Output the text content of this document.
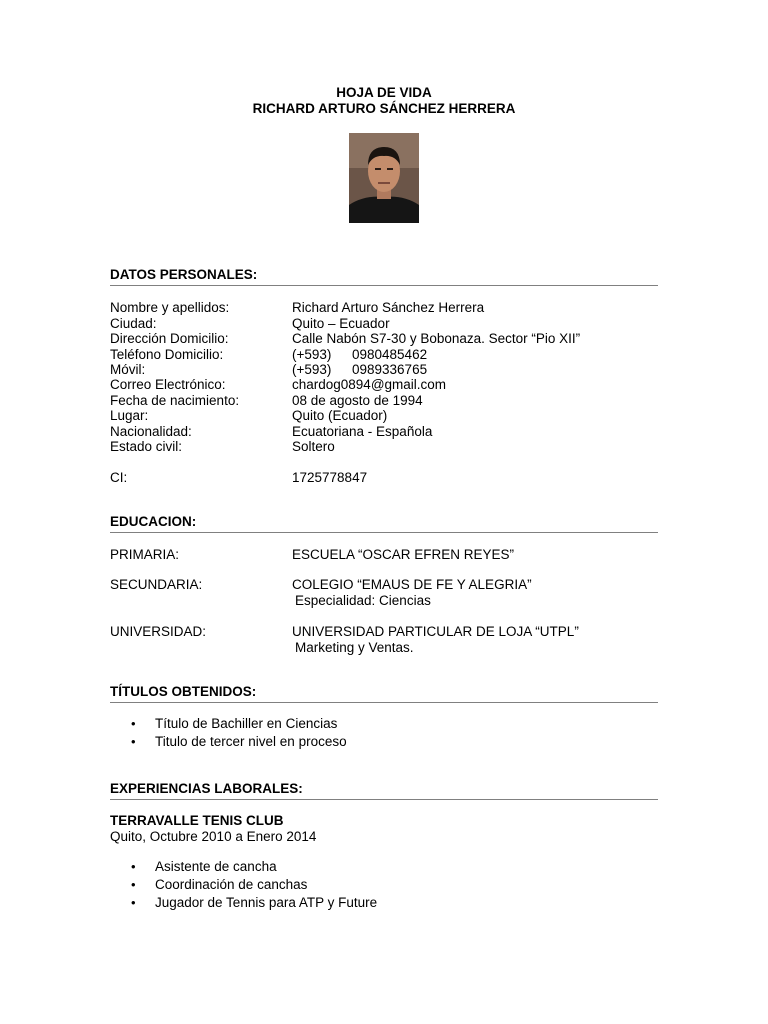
HOJA DE VIDA
RICHARD ARTURO SÁNCHEZ HERRERA
DATOS PERSONALES:
Nombre y apellidos:	Richard Arturo Sánchez Herrera
Ciudad:	Quito – Ecuador
Dirección Domicilio:	Calle Nabón S7-30 y Bobonaza. Sector “Pio XII”
Teléfono Domicilio:	(+593) 0980485462
Móvil:	(+593) 0989336765
Correo Electrónico:	chardog0894@gmail.com
Fecha de nacimiento:	08 de agosto de 1994
Lugar:	Quito (Ecuador)
Nacionalidad:	Ecuatoriana - Española
Estado civil:	Soltero
CI:	1725778847
EDUCACION:
PRIMARIA:	ESCUELA “OSCAR EFREN REYES”
SECUNDARIA:	COLEGIO “EMAUS DE FE Y ALEGRIA”
Especialidad: Ciencias
UNIVERSIDAD:	UNIVERSIDAD PARTICULAR DE LOJA “UTPL”
Marketing y Ventas.
TÍTULOS OBTENIDOS:
• Título de Bachiller en Ciencias
• Titulo de tercer nivel en proceso
EXPERIENCIAS LABORALES:
TERRAVALLE TENIS CLUB
Quito, Octubre 2010 a Enero 2014
• Asistente de cancha
• Coordinación de canchas
• Jugador de Tennis para ATP y Future
